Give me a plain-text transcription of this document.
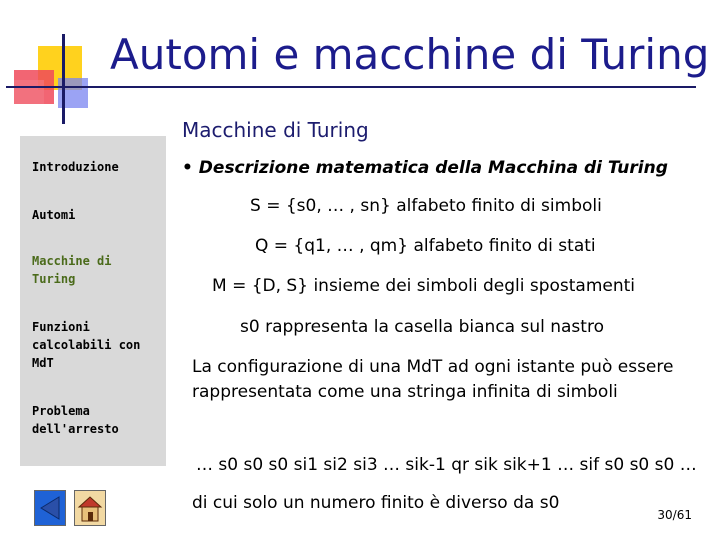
Automi e macchine di Turing
Macchine di Turing
Introduzione
Automi
Macchine di Turing
Funzioni calcolabili con MdT
Problema dell'arresto
• Descrizione matematica della Macchina di Turing
S = {s0, … , sn} alfabeto finito di simboli
Q = {q1, … , qm} alfabeto finito di stati
M = {D, S} insieme dei simboli degli spostamenti
s0 rappresenta la casella bianca sul nastro
La configurazione di una MdT ad ogni istante può essere rappresentata come una stringa infinita di simboli
… s0 s0 s0 si1 si2 si3 … sik-1 qr sik sik+1 … sif s0 s0 s0 …
di cui solo un numero finito è diverso da s0
30/61
